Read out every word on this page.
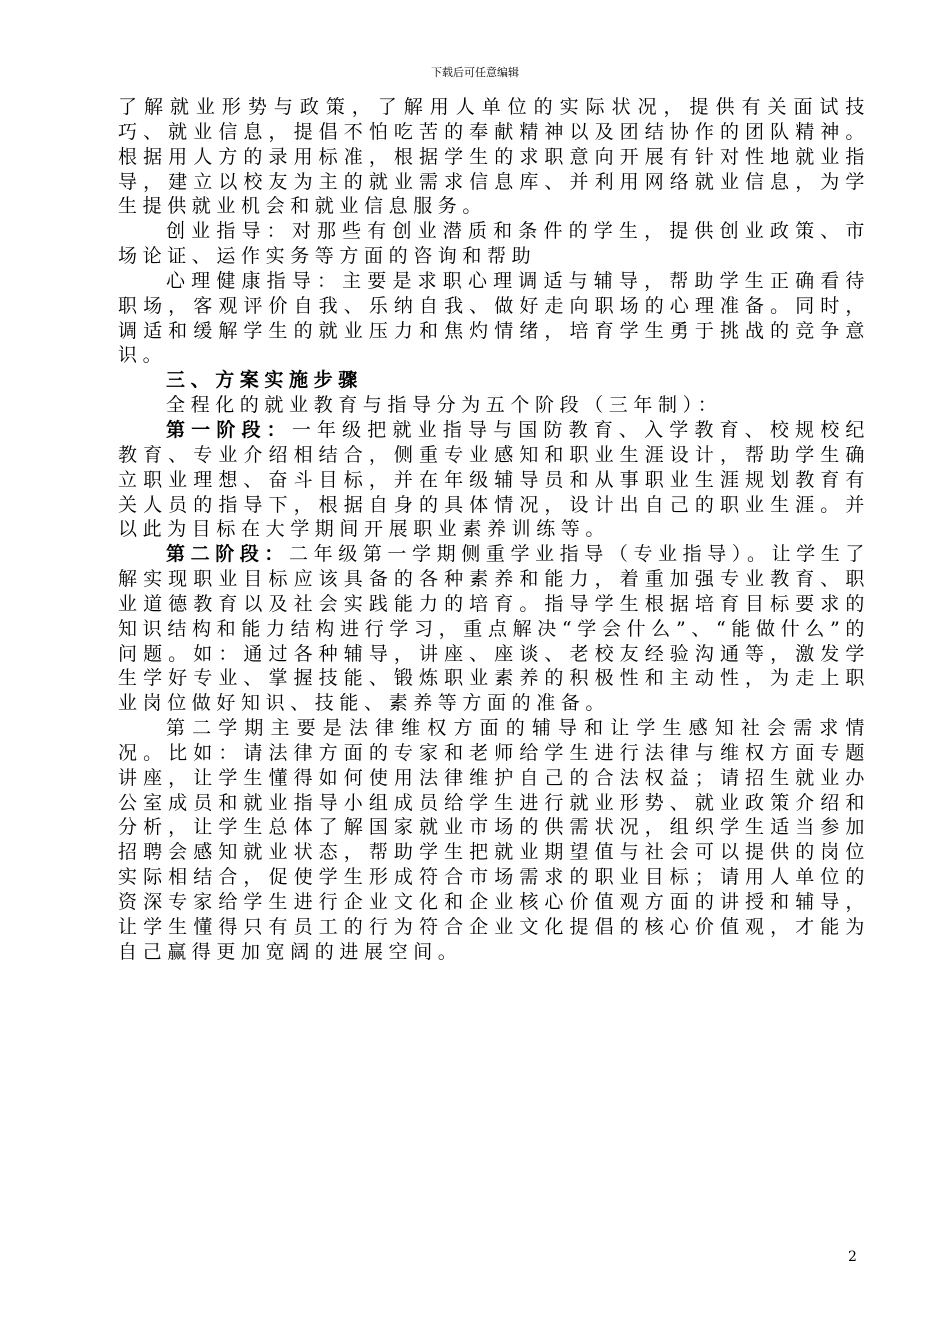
下载后可任意编辑

了解就业形势与政策，了解用人单位的实际状况，提供有关面试技巧、就业信息，提倡不怕吃苦的奉献精神以及团结协作的团队精神。根据用人方的录用标准，根据学生的求职意向开展有针对性地就业指导，建立以校友为主的就业需求信息库、并利用网络就业信息，为学生提供就业机会和就业信息服务。

创业指导：对那些有创业潜质和条件的学生，提供创业政策、市场论证、运作实务等方面的咨询和帮助

心理健康指导：主要是求职心理调适与辅导，帮助学生正确看待职场，客观评价自我、乐纳自我、做好走向职场的心理准备。同时，调适和缓解学生的就业压力和焦灼情绪，培育学生勇于挑战的竞争意识。

三、方案实施步骤

全程化的就业教育与指导分为五个阶段（三年制）：

第一阶段：一年级把就业指导与国防教育、入学教育、校规校纪教育、专业介绍相结合，侧重专业感知和职业生涯设计，帮助学生确立职业理想、奋斗目标，并在年级辅导员和从事职业生涯规划教育有关人员的指导下，根据自身的具体情况，设计出自己的职业生涯。并以此为目标在大学期间开展职业素养训练等。

第二阶段：二年级第一学期侧重学业指导（专业指导）。让学生了解实现职业目标应该具备的各种素养和能力，着重加强专业教育、职业道德教育以及社会实践能力的培育。指导学生根据培育目标要求的知识结构和能力结构进行学习，重点解决“学会什么”、“能做什么”的问题。如：通过各种辅导，讲座、座谈、老校友经验沟通等，激发学生学好专业、掌握技能、锻炼职业素养的积极性和主动性，为走上职业岗位做好知识、技能、素养等方面的准备。

第二学期主要是法律维权方面的辅导和让学生感知社会需求情况。比如：请法律方面的专家和老师给学生进行法律与维权方面专题讲座，让学生懂得如何使用法律维护自己的合法权益；请招生就业办公室成员和就业指导小组成员给学生进行就业形势、就业政策介绍和分析，让学生总体了解国家就业市场的供需状况，组织学生适当参加招聘会感知就业状态，帮助学生把就业期望值与社会可以提供的岗位实际相结合，促使学生形成符合市场需求的职业目标；请用人单位的资深专家给学生进行企业文化和企业核心价值观方面的讲授和辅导，让学生懂得只有员工的行为符合企业文化提倡的核心价值观，才能为自己赢得更加宽阔的进展空间。

2
